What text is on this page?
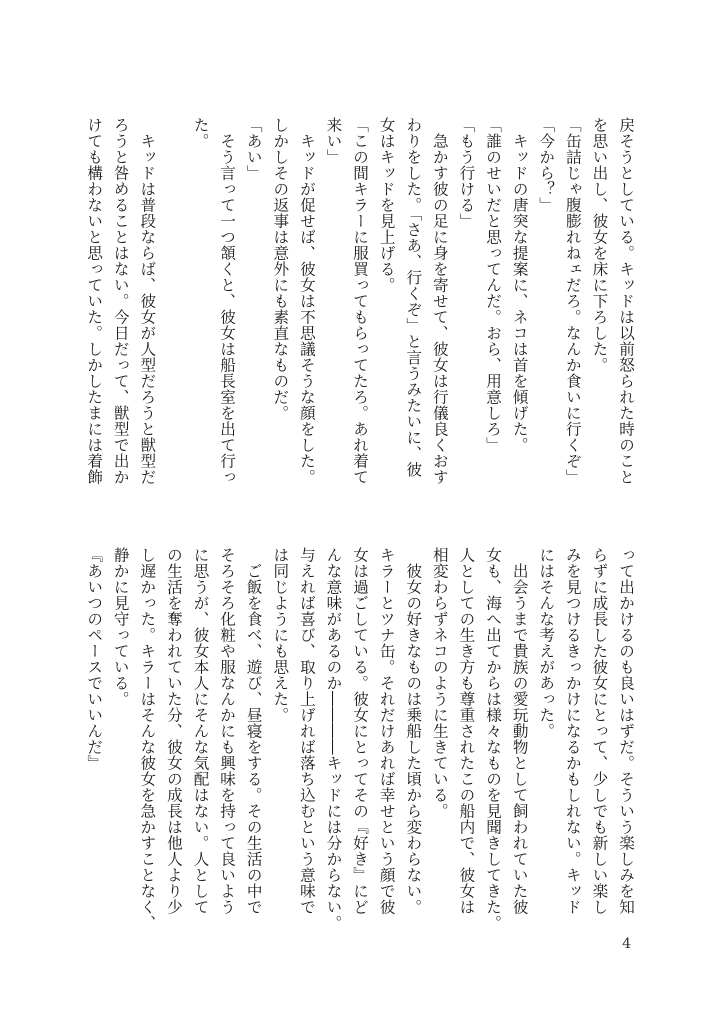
戻そうとしている。キッドは以前怒られた時のこと

を思い出し、彼女を床に下ろした。

「缶詰じゃ腹膨れねェだろ。なんか食いに行くぞ」

「今から？」

　キッドの唐突な提案に、ネコは首を傾げた。

「誰のせいだと思ってんだ。おら、用意しろ」

「もう行ける」

　急かす彼の足に身を寄せて、彼女は行儀良くおす

わりをした。「さあ、行くぞ」と言うみたいに、彼

女はキッドを見上げる。

「この間キラーに服買ってもらってたろ。あれ着て

来い」

　キッドが促せば、彼女は不思議そうな顔をした。

しかしその返事は意外にも素直なものだ。

「あい」

　そう言って一つ頷くと、彼女は船長室を出て行っ

た。

　キッドは普段ならば、彼女が人型だろうと獣型だ

ろうと咎めることはない。今日だって、獣型で出か

けても構わないと思っていた。しかしたまには着飾

って出かけるのも良いはずだ。そういう楽しみを知

らずに成長した彼女にとって、少しでも新しい楽し

みを見つけるきっかけになるかもしれない。キッド

にはそんな考えがあった。

　出会うまで貴族の愛玩動物として飼われていた彼

女も、海へ出てからは様々なものを見聞きしてきた。

人としての生き方も尊重されたこの船内で、彼女は

相変わらずネコのように生きている。

　彼女の好きなものは乗船した頃から変わらない。

キラーとツナ缶。それだけあれば幸せという顔で彼

女は過ごしている。彼女にとってその『好き』にど

んな意味があるのか――――キッドには分からない。

与えれば喜び、取り上げれば落ち込むという意味で

は同じようにも思えた。

　ご飯を食べ、遊び、昼寝をする。その生活の中で

そろそろ化粧や服なんかにも興味を持って良いよう

に思うが、彼女本人にそんな気配はない。人として

の生活を奪われていた分、彼女の成長は他人より少

し遅かった。キラーはそんな彼女を急かすことなく、

静かに見守っている。

『あいつのペースでいいんだ』

4
